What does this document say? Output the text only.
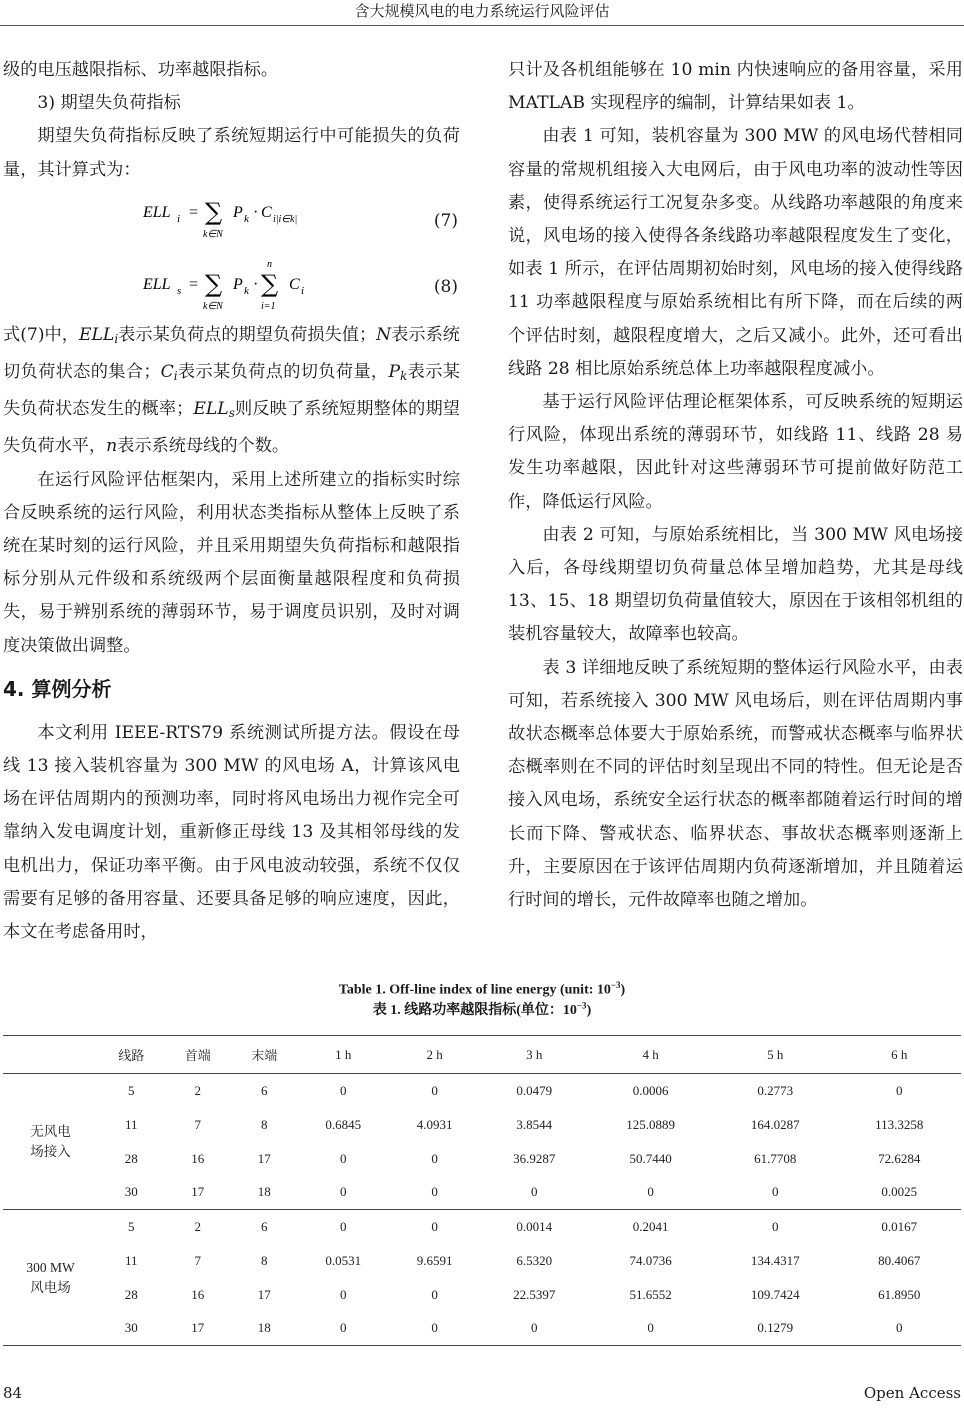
含大规模风电的电力系统运行风险评估

级的电压越限指标、功率越限指标。

3) 期望失负荷指标

期望失负荷指标反映了系统短期运行中可能损失的负荷量，其计算式为：

ELL i = ∑
k∈N
P k · C i|i∈k|	(7)
ELL s = ∑
k∈N
P k ·
n
∑
i=1
C i	(8)

式(7)中，$ELL_i$表示某负荷点的期望负荷损失值；N表示系统切负荷状态的集合；$C_i$表示某负荷点的切负荷量，$P_k$表示某失负荷状态发生的概率；$ELL_s$则反映了系统短期整体的期望失负荷水平，n表示系统母线的个数。

在运行风险评估框架内，采用上述所建立的指标实时综合反映系统的运行风险，利用状态类指标从整体上反映了系统在某时刻的运行风险，并且采用期望失负荷指标和越限指标分别从元件级和系统级两个层面衡量越限程度和负荷损失，易于辨别系统的薄弱环节，易于调度员识别，及时对调度决策做出调整。

4. 算例分析

本文利用 IEEE-RTS79 系统测试所提方法。假设在母线 13 接入装机容量为 300 MW 的风电场 A，计算该风电场在评估周期内的预测功率，同时将风电场出力视作完全可靠纳入发电调度计划，重新修正母线 13 及其相邻母线的发电机出力，保证功率平衡。由于风电波动较强，系统不仅仅需要有足够的备用容量、还要具备足够的响应速度，因此，本文在考虑备用时，

只计及各机组能够在 10 min 内快速响应的备用容量，采用 MATLAB 实现程序的编制，计算结果如表 1。

由表 1 可知，装机容量为 300 MW 的风电场代替相同容量的常规机组接入大电网后，由于风电功率的波动性等因素，使得系统运行工况复杂多变。从线路功率越限的角度来说，风电场的接入使得各条线路功率越限程度发生了变化，如表 1 所示，在评估周期初始时刻，风电场的接入使得线路 11 功率越限程度与原始系统相比有所下降，而在后续的两个评估时刻，越限程度增大，之后又减小。此外，还可看出线路 28 相比原始系统总体上功率越限程度减小。

基于运行风险评估理论框架体系，可反映系统的短期运行风险，体现出系统的薄弱环节，如线路 11、线路 28 易发生功率越限，因此针对这些薄弱环节可提前做好防范工作，降低运行风险。

由表 2 可知，与原始系统相比，当 300 MW 风电场接入后，各母线期望切负荷量总体呈增加趋势，尤其是母线 13、15、18 期望切负荷量值较大，原因在于该相邻机组的装机容量较大，故障率也较高。

表 3 详细地反映了系统短期的整体运行风险水平，由表可知，若系统接入 300 MW 风电场后，则在评估周期内事故状态概率总体要大于原始系统，而警戒状态概率与临界状态概率则在不同的评估时刻呈现出不同的特性。但无论是否接入风电场，系统安全运行状态的概率都随着运行时间的增长而下降、警戒状态、临界状态、事故状态概率则逐渐上升，主要原因在于该评估周期内负荷逐渐增加，并且随着运行时间的增长，元件故障率也随之增加。

Table 1. Off-line index of line energy (unit: $10^{-3}$)
表 1. 线路功率越限指标(单位：$10^{-3}$)
	线路	首端	末端	1 h	2 h	3 h	4 h	5 h	6 h
无风电
场接入	5	2	6	0	0	0.0479	0.0006	0.2773	0
	11	7	8	0.6845	4.0931	3.8544	125.0889	164.0287	113.3258
	28	16	17	0	0	36.9287	50.7440	61.7708	72.6284
	30	17	18	0	0	0	0	0	0.0025
300 MW
风电场	5	2	6	0	0	0.0014	0.2041	0	0.0167
	11	7	8	0.0531	9.6591	6.5320	74.0736	134.4317	80.4067
	28	16	17	0	0	22.5397	51.6552	109.7424	61.8950
	30	17	18	0	0	0	0	0.1279	0
84	Open Access
